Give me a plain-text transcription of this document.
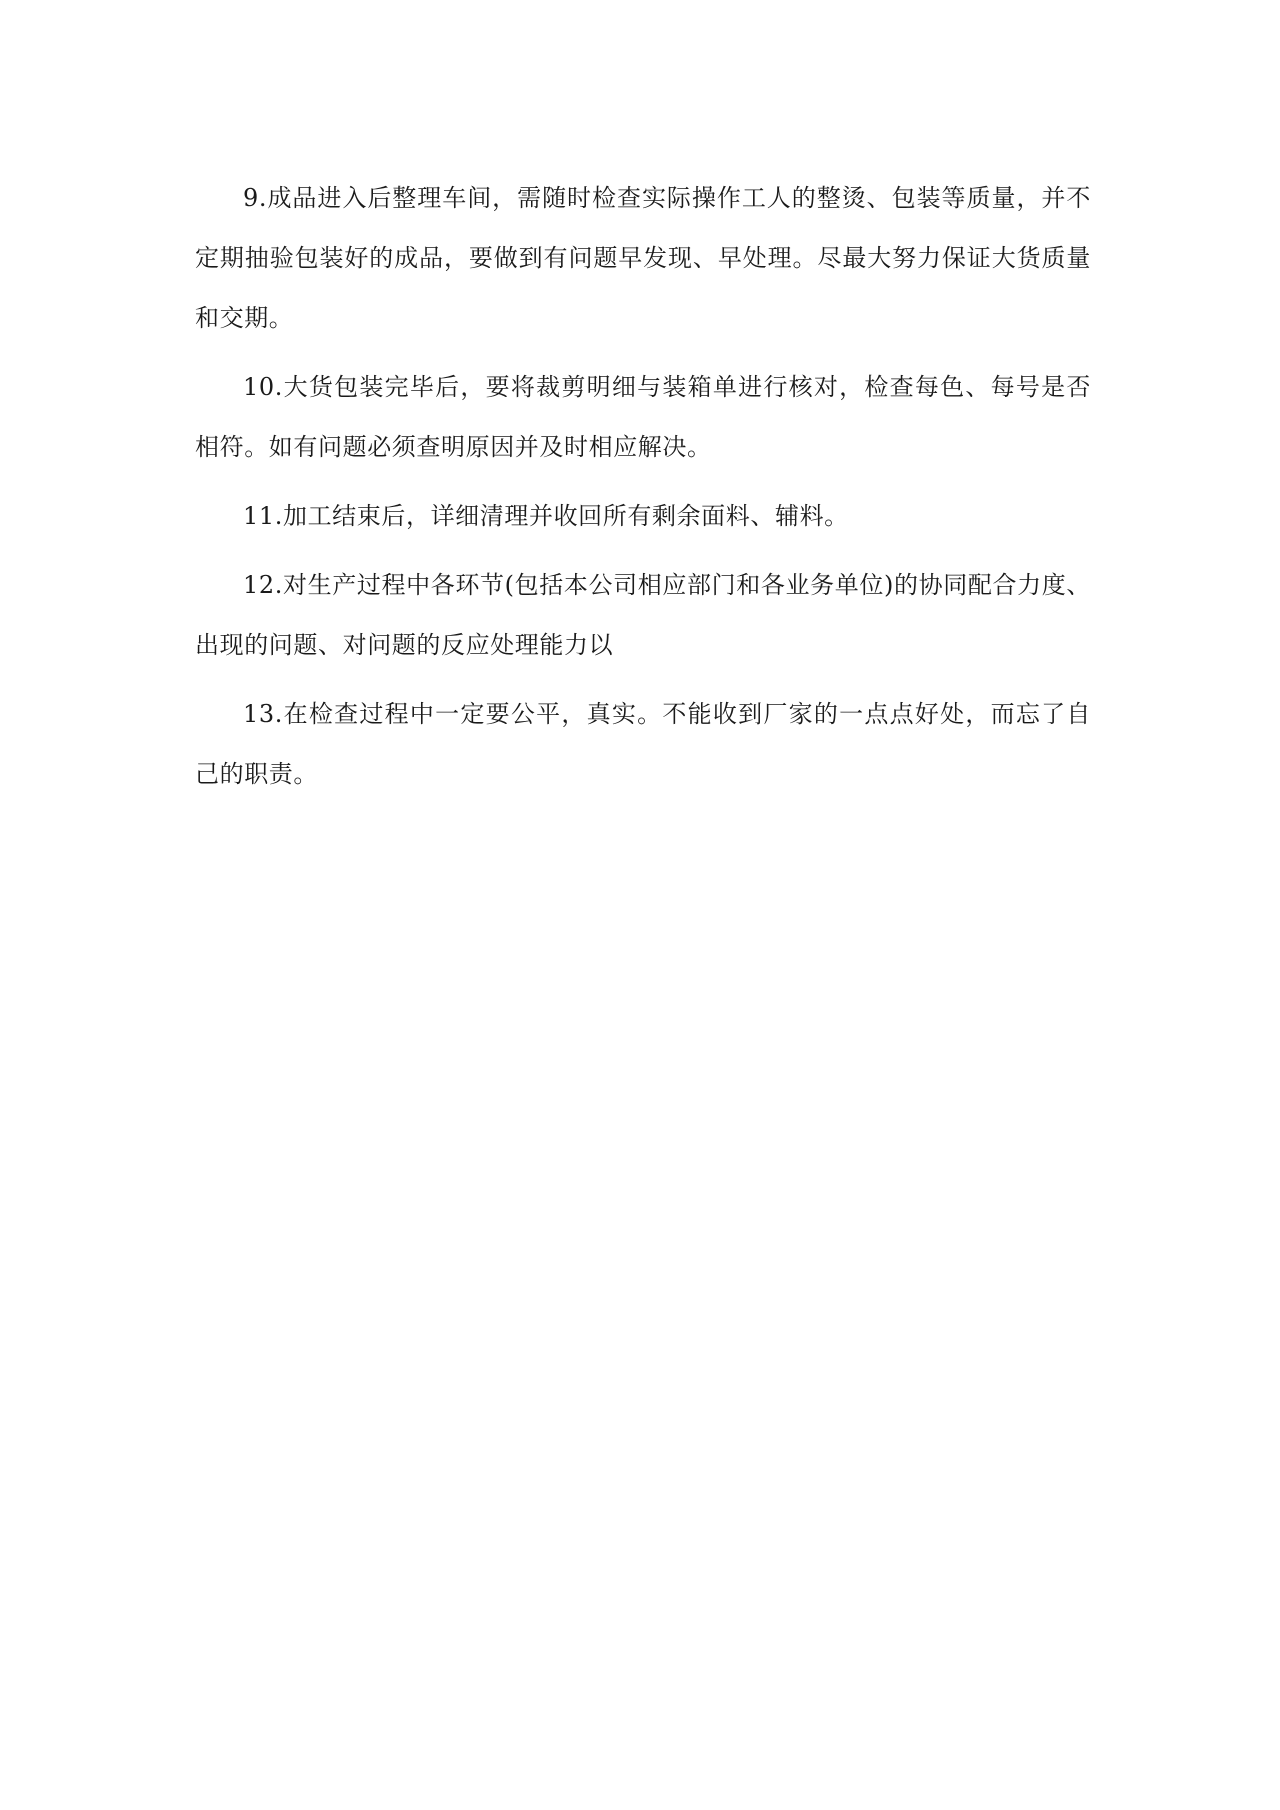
9.成品进入后整理车间，需随时检查实际操作工人的整烫、包装等质量，并不定期抽验包装好的成品，要做到有问题早发现、早处理。尽最大努力保证大货质量和交期。

10.大货包装完毕后，要将裁剪明细与装箱单进行核对，检查每色、每号是否相符。如有问题必须查明原因并及时相应解决。

11.加工结束后，详细清理并收回所有剩余面料、辅料。

12.对生产过程中各环节(包括本公司相应部门和各业务单位)的协同配合力度、出现的问题、对问题的反应处理能力以

13.在检查过程中一定要公平，真实。不能收到厂家的一点点好处，而忘了自己的职责。
